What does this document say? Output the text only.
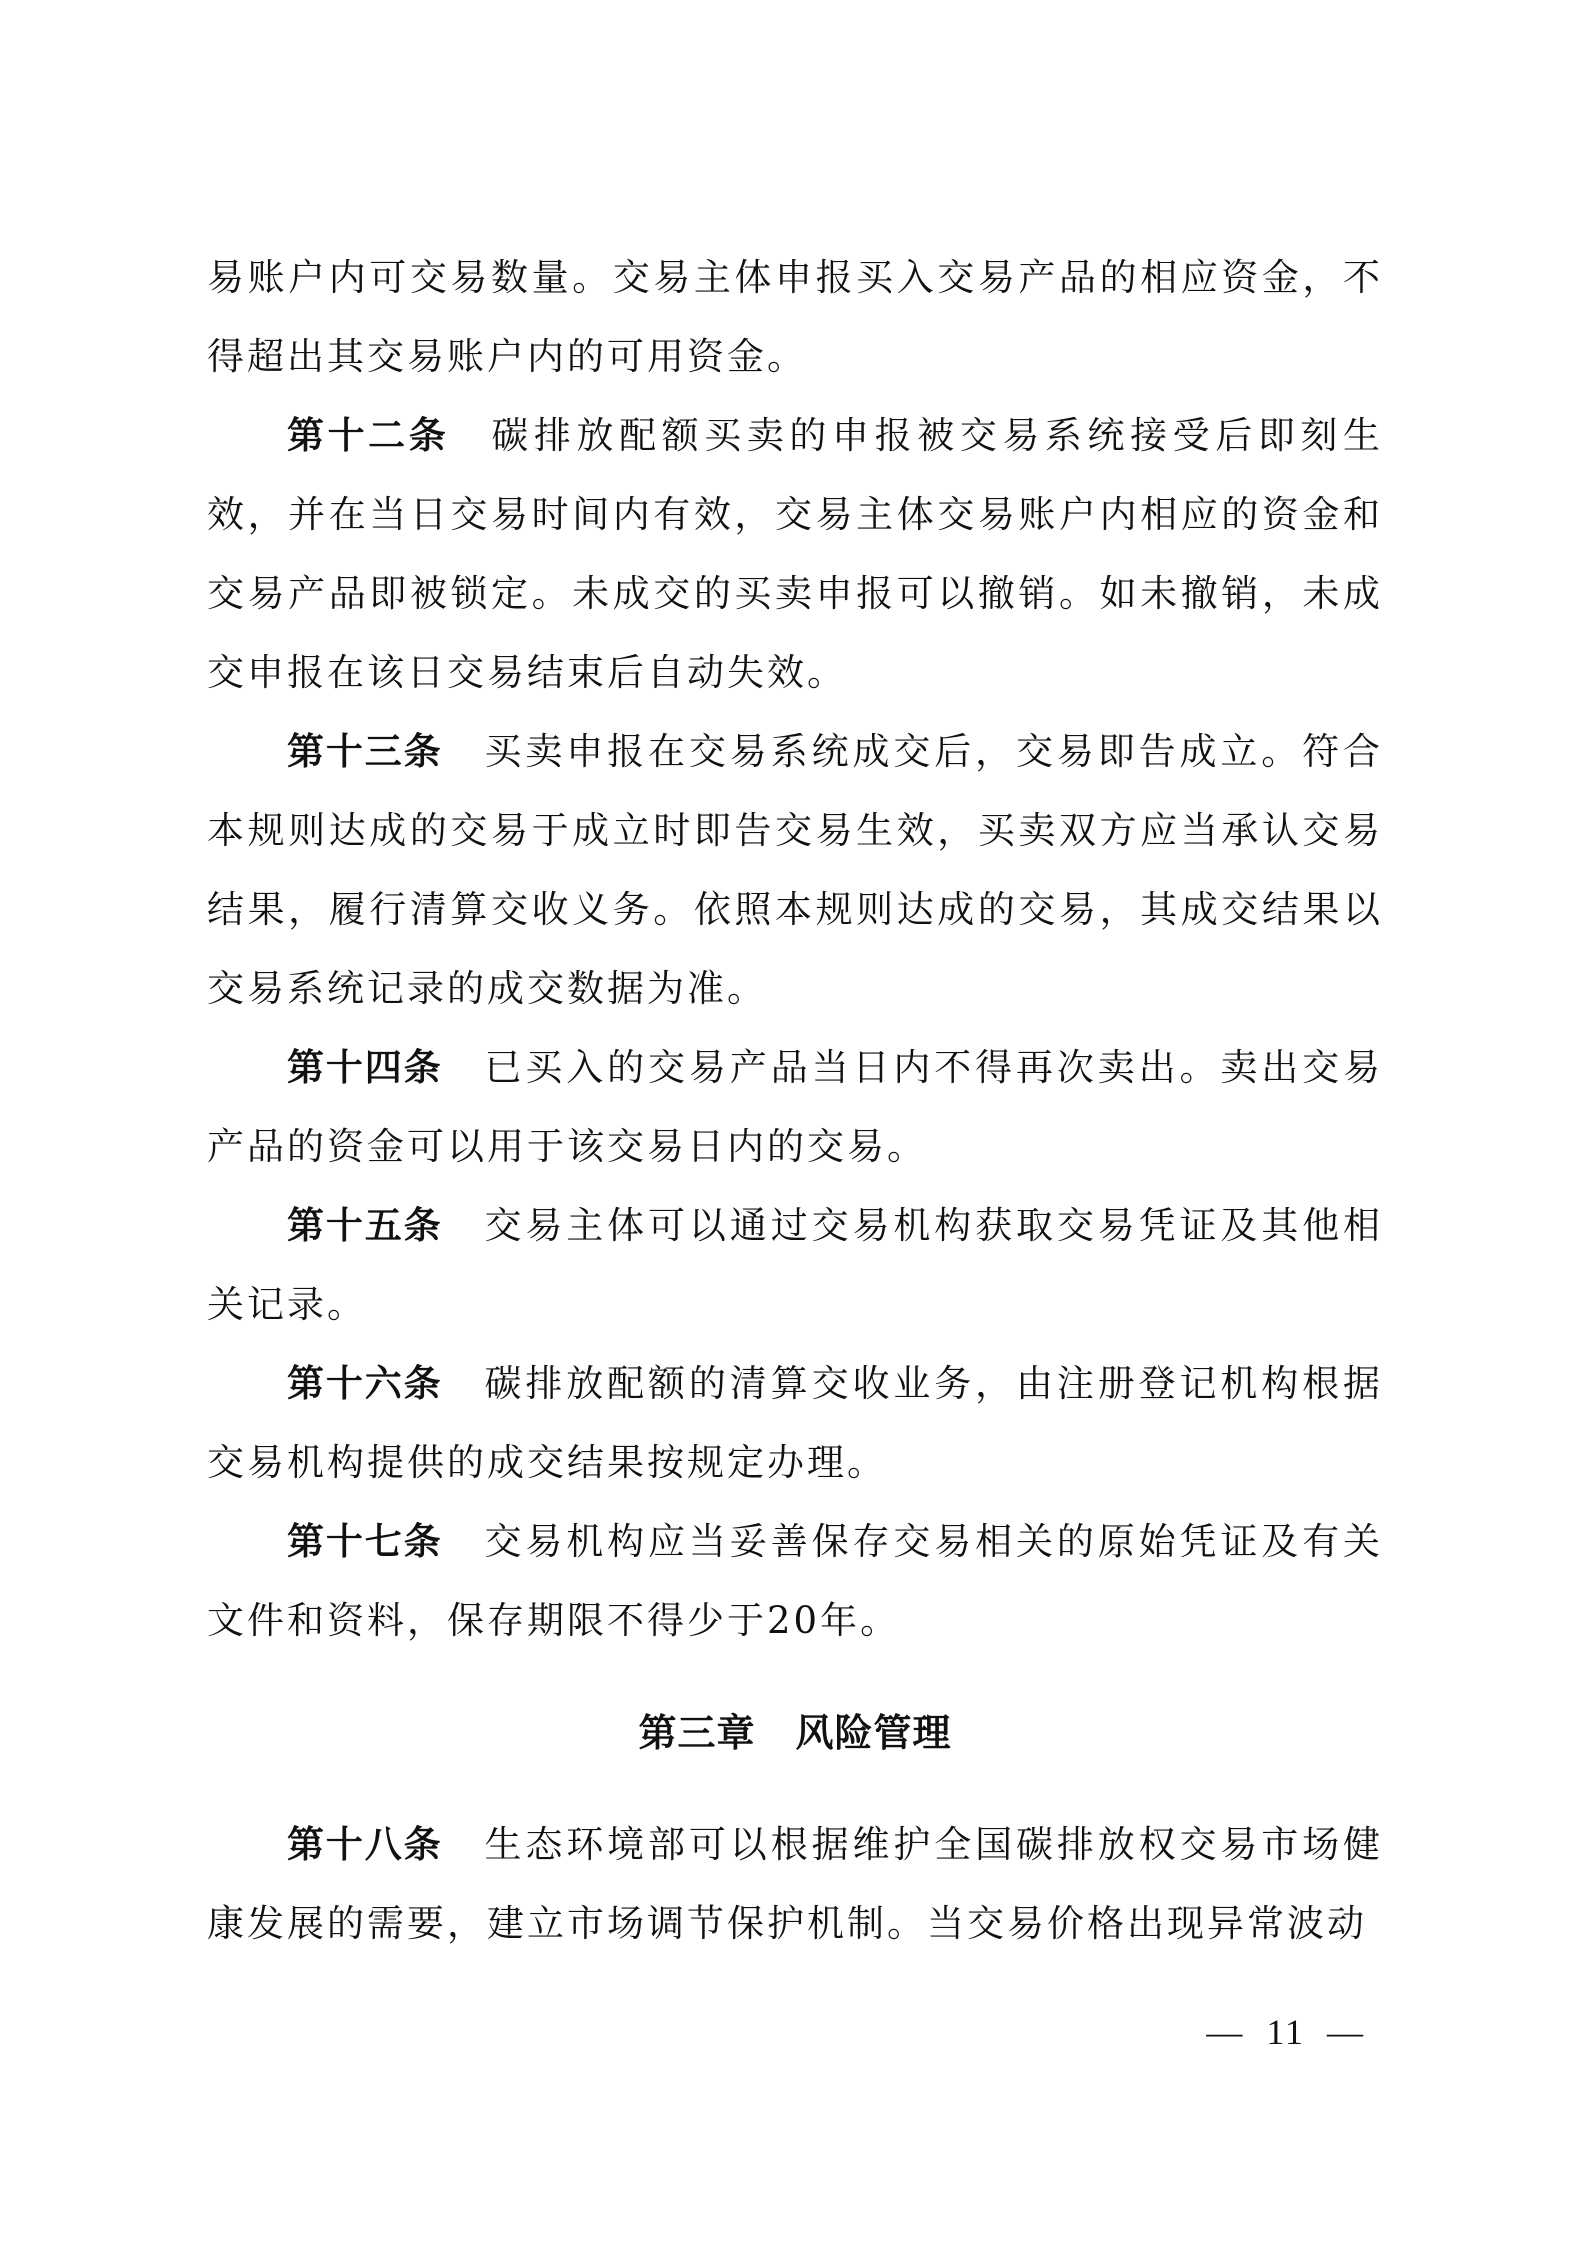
易账户内可交易数量。交易主体申报买入交易产品的相应资金，不得超出其交易账户内的可用资金。

第十二条 碳排放配额买卖的申报被交易系统接受后即刻生效，并在当日交易时间内有效，交易主体交易账户内相应的资金和交易产品即被锁定。未成交的买卖申报可以撤销。如未撤销，未成交申报在该日交易结束后自动失效。

第十三条 买卖申报在交易系统成交后，交易即告成立。符合本规则达成的交易于成立时即告交易生效，买卖双方应当承认交易结果，履行清算交收义务。依照本规则达成的交易，其成交结果以交易系统记录的成交数据为准。

第十四条 已买入的交易产品当日内不得再次卖出。卖出交易产品的资金可以用于该交易日内的交易。

第十五条 交易主体可以通过交易机构获取交易凭证及其他相关记录。

第十六条 碳排放配额的清算交收业务，由注册登记机构根据交易机构提供的成交结果按规定办理。

第十七条 交易机构应当妥善保存交易相关的原始凭证及有关文件和资料，保存期限不得少于20年。

第三章 风险管理

第十八条 生态环境部可以根据维护全国碳排放权交易市场健康发展的需要，建立市场调节保护机制。当交易价格出现异常波动

— 11 —
